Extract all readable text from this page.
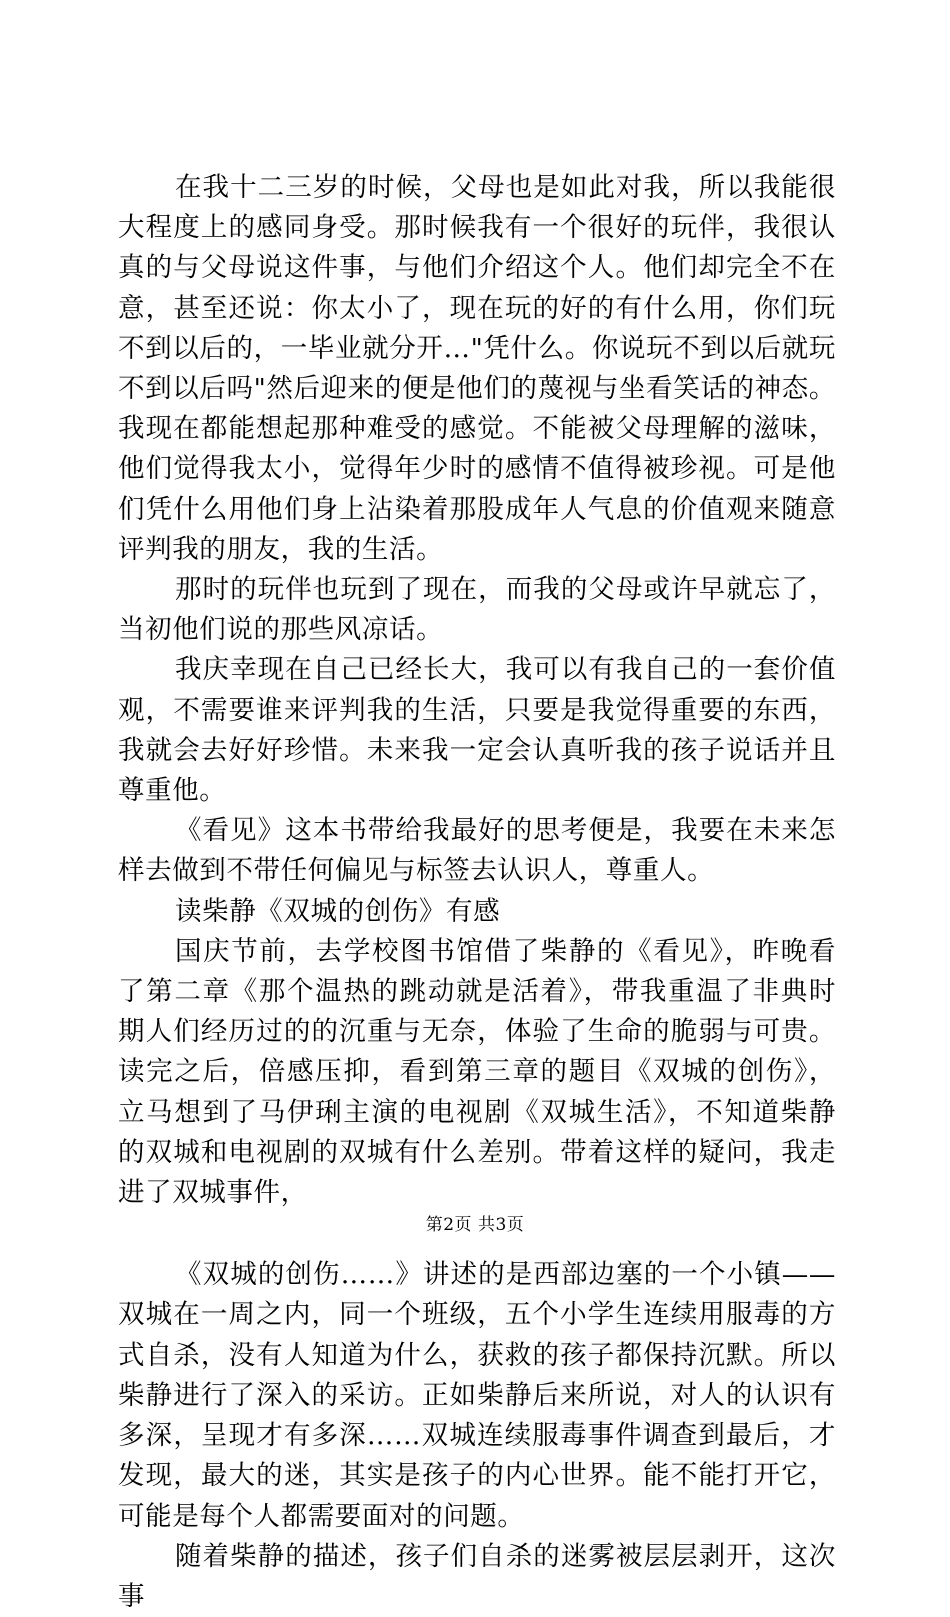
在我十二三岁的时候，父母也是如此对我，所以我能很大程度上的感同身受。那时候我有一个很好的玩伴，我很认真的与父母说这件事，与他们介绍这个人。他们却完全不在意，甚至还说：你太小了，现在玩的好的有什么用，你们玩不到以后的，一毕业就分开…"凭什么。你说玩不到以后就玩不到以后吗"然后迎来的便是他们的蔑视与坐看笑话的神态。我现在都能想起那种难受的感觉。不能被父母理解的滋味，他们觉得我太小，觉得年少时的感情不值得被珍视。可是他们凭什么用他们身上沾染着那股成年人气息的价值观来随意评判我的朋友，我的生活。

那时的玩伴也玩到了现在，而我的父母或许早就忘了，当初他们说的那些风凉话。

我庆幸现在自己已经长大，我可以有我自己的一套价值观，不需要谁来评判我的生活，只要是我觉得重要的东西，我就会去好好珍惜。未来我一定会认真听我的孩子说话并且尊重他。

《看见》这本书带给我最好的思考便是，我要在未来怎样去做到不带任何偏见与标签去认识人，尊重人。

读柴静《双城的创伤》有感

国庆节前，去学校图书馆借了柴静的《看见》，昨晚看了第二章《那个温热的跳动就是活着》，带我重温了非典时期人们经历过的的沉重与无奈，体验了生命的脆弱与可贵。读完之后，倍感压抑，看到第三章的题目《双城的创伤》，立马想到了马伊琍主演的电视剧《双城生活》，不知道柴静的双城和电视剧的双城有什么差别。带着这样的疑问，我走进了双城事件，

《双城的创伤……》讲述的是西部边塞的一个小镇——双城在一周之内，同一个班级，五个小学生连续用服毒的方式自杀，没有人知道为什么，获救的孩子都保持沉默。所以柴静进行了深入的采访。正如柴静后来所说，对人的认识有多深，呈现才有多深……双城连续服毒事件调查到最后，才发现，最大的迷，其实是孩子的内心世界。能不能打开它，可能是每个人都需要面对的问题。

随着柴静的描述，孩子们自杀的迷雾被层层剥开，这次事

第2页 共3页
